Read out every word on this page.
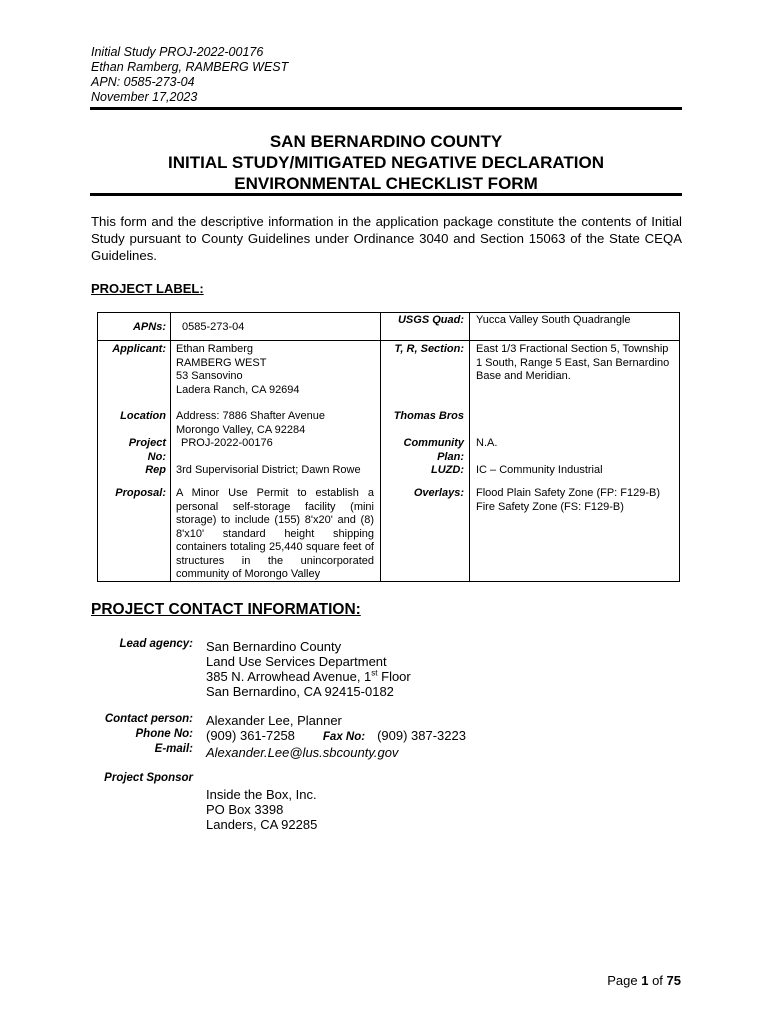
Initial Study PROJ-2022-00176
Ethan Ramberg, RAMBERG WEST
APN: 0585-273-04
November 17,2023
SAN BERNARDINO COUNTY
INITIAL STUDY/MITIGATED NEGATIVE DECLARATION
ENVIRONMENTAL CHECKLIST FORM
This form and the descriptive information in the application package constitute the contents of Initial Study pursuant to County Guidelines under Ordinance 3040 and Section 15063 of the State CEQA Guidelines.
PROJECT LABEL:
APNs: 0585-273-04
Applicant: Ethan Ramberg
RAMBERG WEST
53 Sansovino
Ladera Ranch, CA 92694
Location Address: 7886 Shafter Avenue
Morongo Valley, CA 92284
Project
No:
PROJ-2022-00176
Rep 3rd Supervisorial District; Dawn Rowe
Proposal: A Minor Use Permit to establish a personal self-storage facility (mini storage) to include (155) 8'x20' and (8) 8'x10' standard height shipping containers totaling 25,440 square feet of structures in the unincorporated community of Morongo Valley
USGS Quad: Yucca Valley South Quadrangle
T, R, Section: East 1/3 Fractional Section 5, Township
1 South, Range 5 East, San Bernardino
Base and Meridian.
Thomas Bros
Community
Plan:
N.A.
LUZD: IC – Community Industrial
Overlays: Flood Plain Safety Zone (FP: F129-B)
Fire Safety Zone (FS: F129-B)
PROJECT CONTACT INFORMATION:
Lead agency: San Bernardino County
Land Use Services Department
385 N. Arrowhead Avenue, 1st Floor
San Bernardino, CA 92415-0182
Contact person:
Phone No:
E-mail:
Alexander Lee, Planner
(909) 361-7258 Fax No: (909) 387-3223
Alexander.Lee@lus.sbcounty.gov
Project Sponsor
Inside the Box, Inc.
PO Box 3398
Landers, CA 92285
Page 1 of 75
